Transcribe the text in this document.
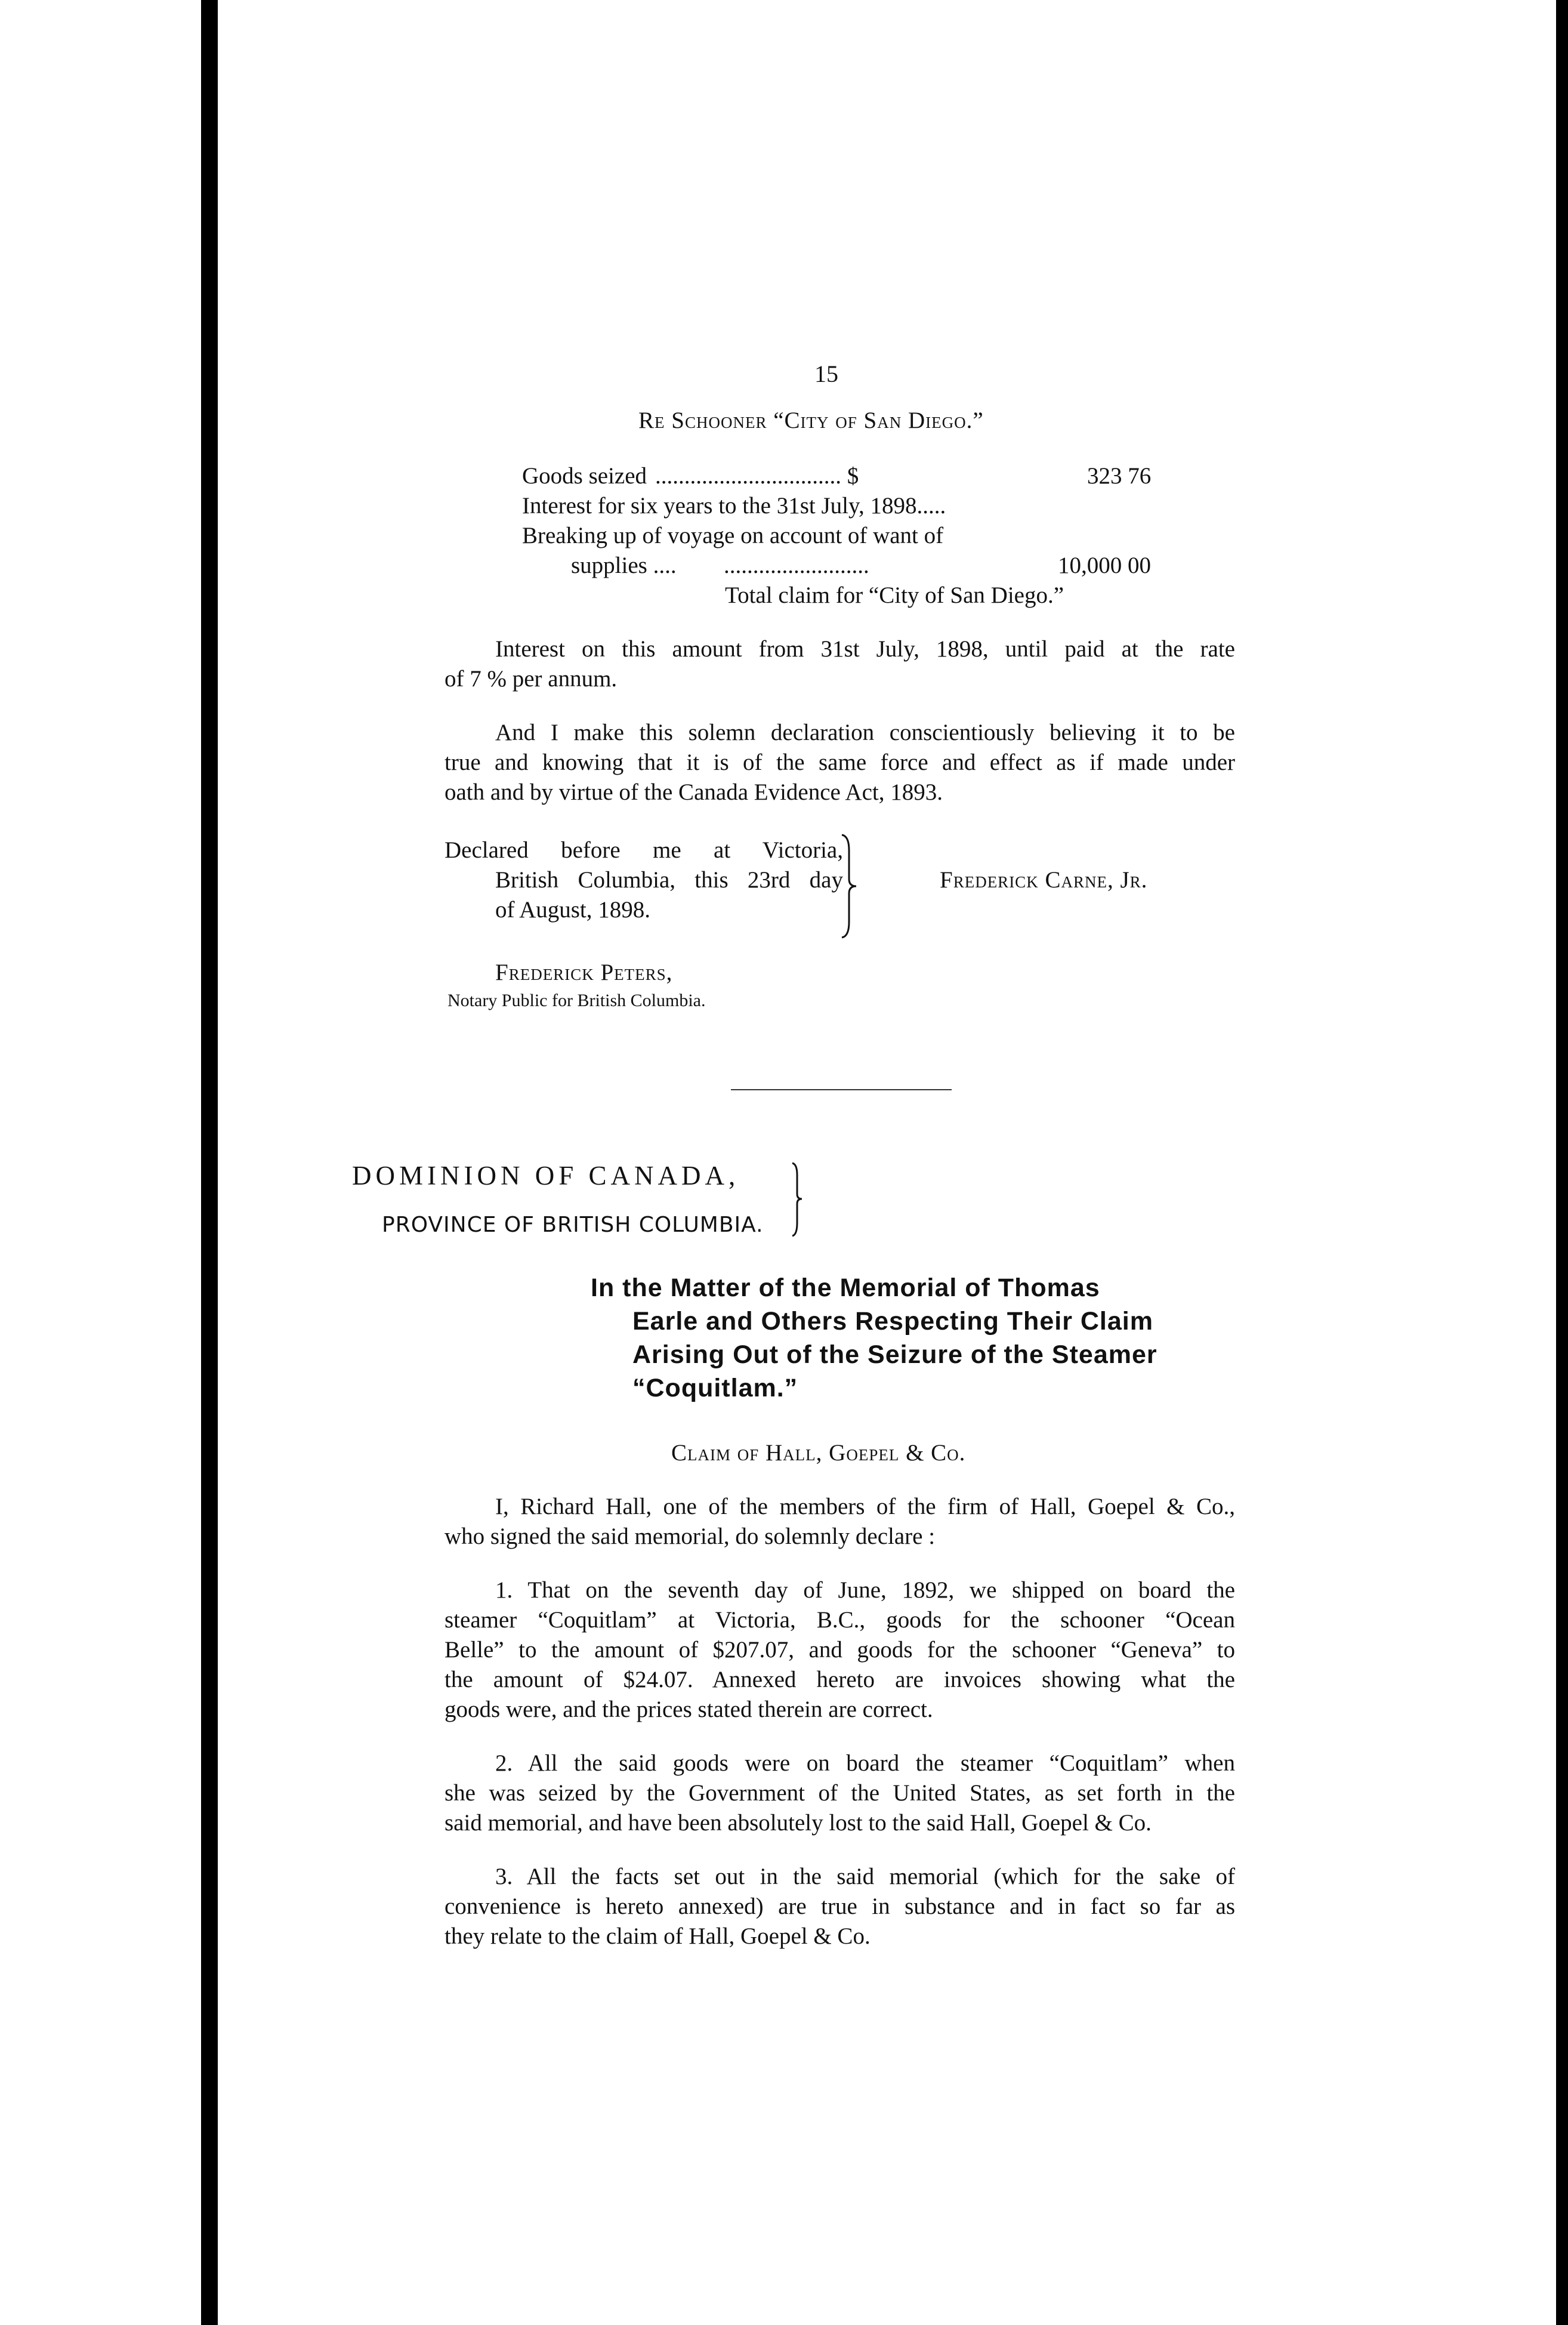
15
Re Schooner “City of San Diego.”
Goods seized ................................ $	323 76
Interest for six years to the 31st July, 1898.....
Breaking up of voyage on account of want of
supplies .... .........................	10,000 00
Total claim for “City of San Diego.”
Interest on this amount from 31st July, 1898, until paid at the rate
of 7 % per annum.
And I make this solemn declaration conscientiously believing it to be
true and knowing that it is of the same force and effect as if made under
oath and by virtue of the Canada Evidence Act, 1893.
Declared before me at Victoria,
British Columbia, this 23rd day
of August, 1898.
Frederick Carne, Jr.
Frederick Peters,
Notary Public for British Columbia.
DOMINION OF CANADA,
PROVINCE OF BRITISH COLUMBIA.
In the Matter of the Memorial of Thomas
Earle and Others Respecting Their Claim
Arising Out of the Seizure of the Steamer
“Coquitlam.”
Claim of Hall, Goepel & Co.
I, Richard Hall, one of the members of the firm of Hall, Goepel & Co.,
who signed the said memorial, do solemnly declare :
1. That on the seventh day of June, 1892, we shipped on board the
steamer “Coquitlam” at Victoria, B.C., goods for the schooner “Ocean
Belle” to the amount of $207.07, and goods for the schooner “Geneva” to
the amount of $24.07. Annexed hereto are invoices showing what the
goods were, and the prices stated therein are correct.
2. All the said goods were on board the steamer “Coquitlam” when
she was seized by the Government of the United States, as set forth in the
said memorial, and have been absolutely lost to the said Hall, Goepel & Co.
3. All the facts set out in the said memorial (which for the sake of
convenience is hereto annexed) are true in substance and in fact so far as
they relate to the claim of Hall, Goepel & Co.
